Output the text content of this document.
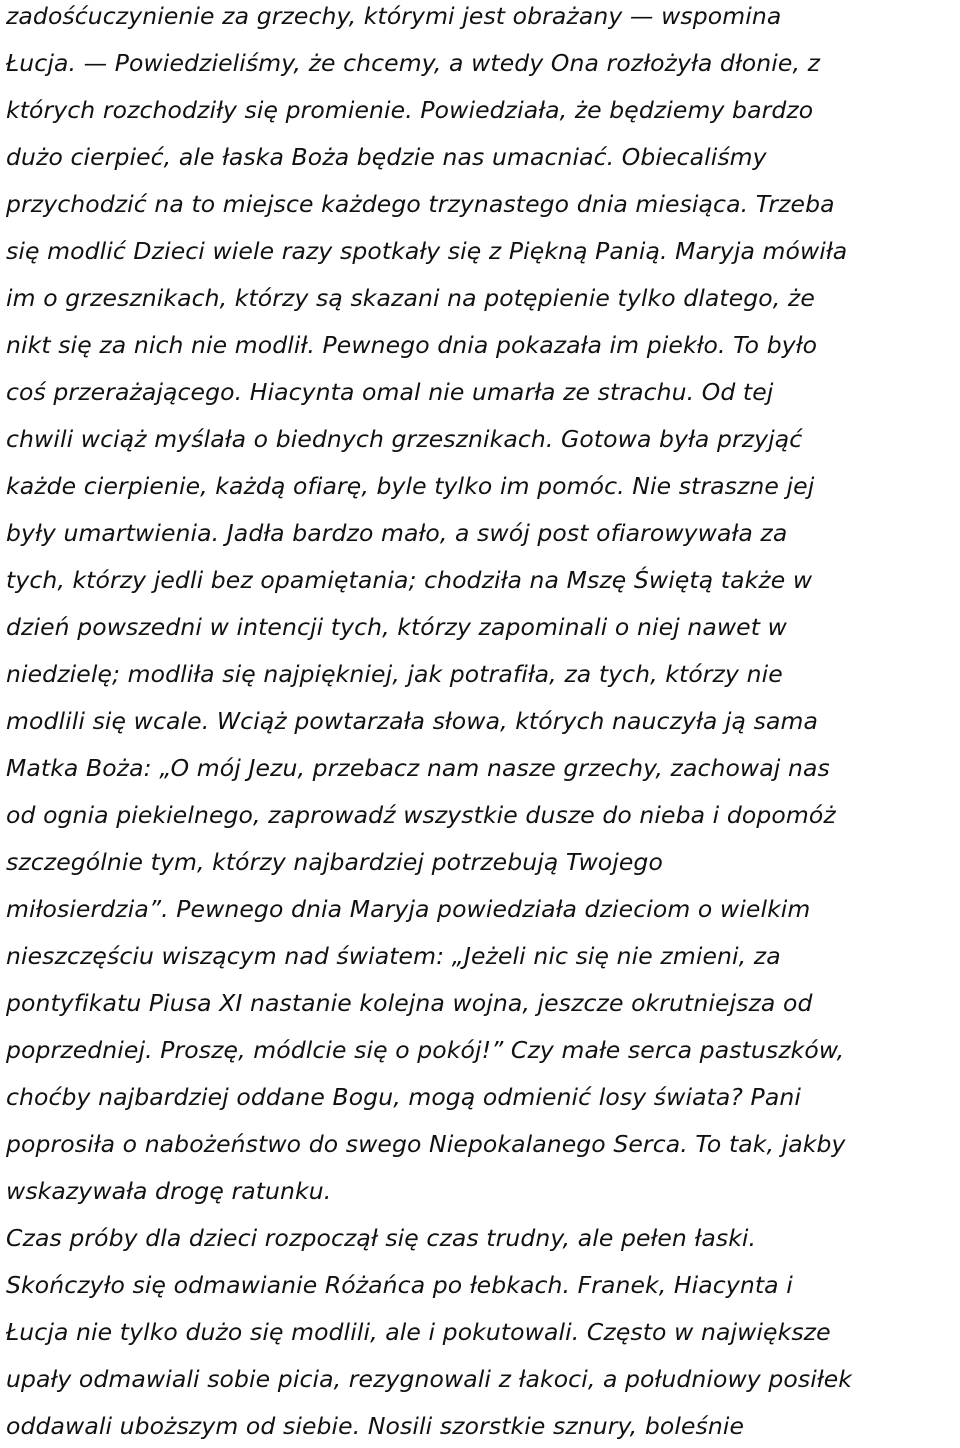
zadośćuczynienie za grzechy, którymi jest obrażany — wspomina
Łucja. — Powiedzieliśmy, że chcemy, a wtedy Ona rozłożyła dłonie, z
których rozchodziły się promienie. Powiedziała, że będziemy bardzo
dużo cierpieć, ale łaska Boża będzie nas umacniać. Obiecaliśmy
przychodzić na to miejsce każdego trzynastego dnia miesiąca. Trzeba
się modlić Dzieci wiele razy spotkały się z Piękną Panią. Maryja mówiła
im o grzesznikach, którzy są skazani na potępienie tylko dlatego, że
nikt się za nich nie modlił. Pewnego dnia pokazała im piekło. To było
coś przerażającego. Hiacynta omal nie umarła ze strachu. Od tej
chwili wciąż myślała o biednych grzesznikach. Gotowa była przyjąć
każde cierpienie, każdą ofiarę, byle tylko im pomóc. Nie straszne jej
były umartwienia. Jadła bardzo mało, a swój post ofiarowywała za
tych, którzy jedli bez opamiętania; chodziła na Mszę Świętą także w
dzień powszedni w intencji tych, którzy zapominali o niej nawet w
niedzielę; modliła się najpiękniej, jak potrafiła, za tych, którzy nie
modlili się wcale. Wciąż powtarzała słowa, których nauczyła ją sama
Matka Boża: „O mój Jezu, przebacz nam nasze grzechy, zachowaj nas
od ognia piekielnego, zaprowadź wszystkie dusze do nieba i dopomóż
szczególnie tym, którzy najbardziej potrzebują Twojego
miłosierdzia”. Pewnego dnia Maryja powiedziała dzieciom o wielkim
nieszczęściu wiszącym nad światem: „Jeżeli nic się nie zmieni, za
pontyfikatu Piusa XI nastanie kolejna wojna, jeszcze okrutniejsza od
poprzedniej. Proszę, módlcie się o pokój!” Czy małe serca pastuszków,
choćby najbardziej oddane Bogu, mogą odmienić losy świata? Pani
poprosiła o nabożeństwo do swego Niepokalanego Serca. To tak, jakby
wskazywała drogę ratunku.
Czas próby dla dzieci rozpoczął się czas trudny, ale pełen łaski.
Skończyło się odmawianie Różańca po łebkach. Franek, Hiacynta i
Łucja nie tylko dużo się modlili, ale i pokutowali. Często w największe
upały odmawiali sobie picia, rezygnowali z łakoci, a południowy posiłek
oddawali uboższym od siebie. Nosili szorstkie sznury, boleśnie
